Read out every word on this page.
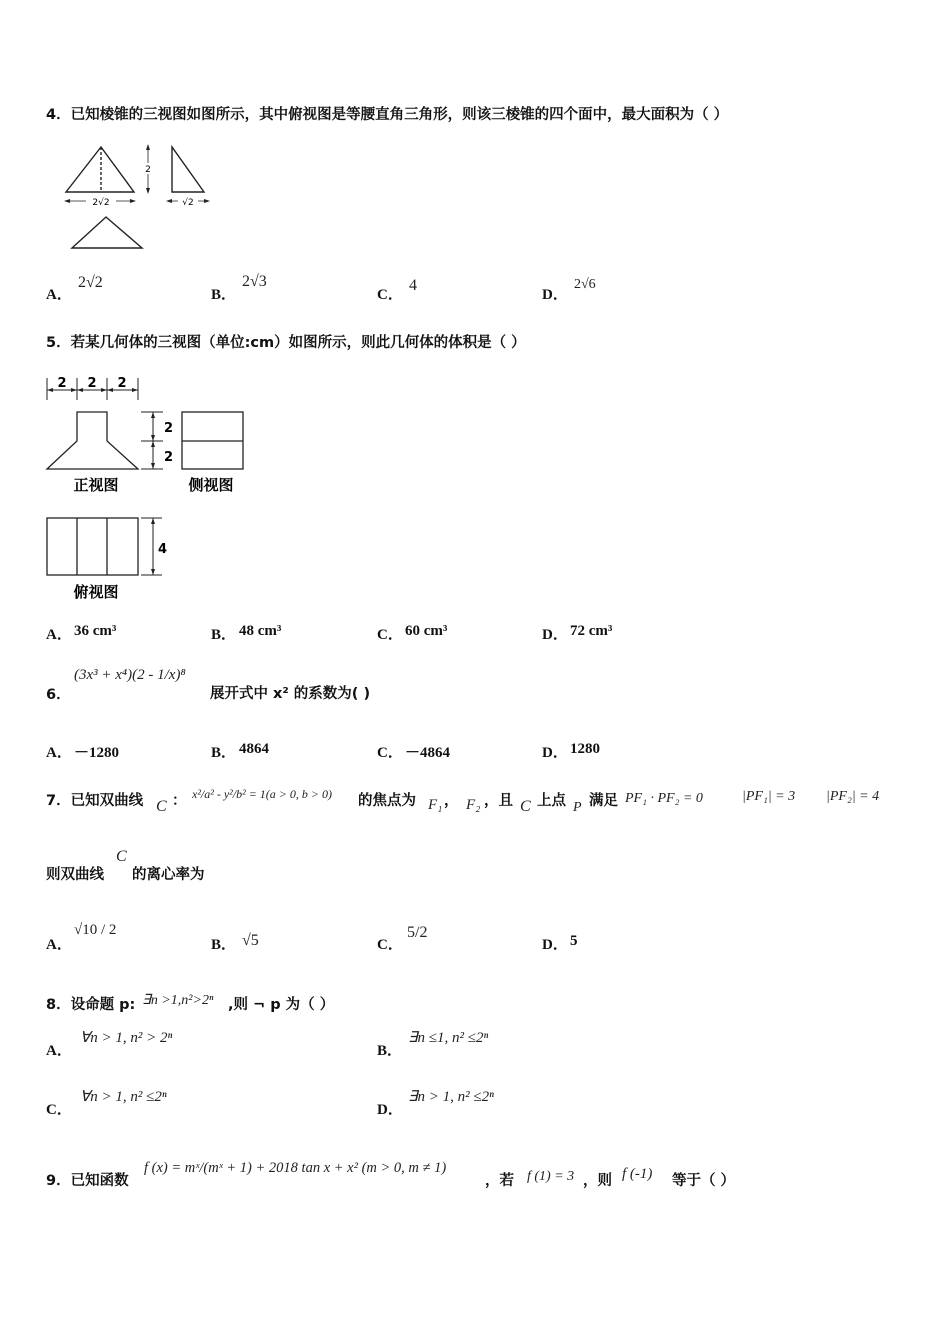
4．已知棱锥的三视图如图所示，其中俯视图是等腰直角三角形，则该三棱锥的四个面中，最大面积为（ ）
2√2
2
√2
A．
2√2
B．
2√3
C．
4
D．
2√6
5．若某几何体的三视图（单位:cm）如图所示，则此几何体的体积是（ ）
2 2 2
2
2
正视图	侧视图
4
俯视图
A． 36 cm³	B． 48 cm³	C． 60 cm³	D． 72 cm³
6．
(3x³ + x⁴)(2 - 1/x)⁸
展开式中 x² 的系数为( )
A． －1280	B． 4864	C． －4864	D． 1280
7．已知双曲线 C ： x²/a² - y²/b² = 1(a > 0, b > 0) 的焦点为 F₁ ， F₂ ，且 C 上点 P 满足 PF₁ · PF₂ = 0	|PF₁| = 3 |PF₂| = 4
则双曲线
C
的离心率为
A．
√10 / 2
B． √5	C．
5/2
D． 5
8．设命题 p: ∃n >1,n²>2ⁿ ,则 ¬ p 为（ ）
A．
∀n > 1, n² > 2ⁿ
B．
∃n ≤1, n² ≤2ⁿ
C．
∀n > 1, n² ≤2ⁿ
D．
∃n > 1, n² ≤2ⁿ
9．已知函数
f (x) = mˣ/(mˣ + 1) + 2018 tan x + x² (m > 0, m ≠ 1)
，若 f (1) = 3 ，则 f (-1) 等于（ ）
